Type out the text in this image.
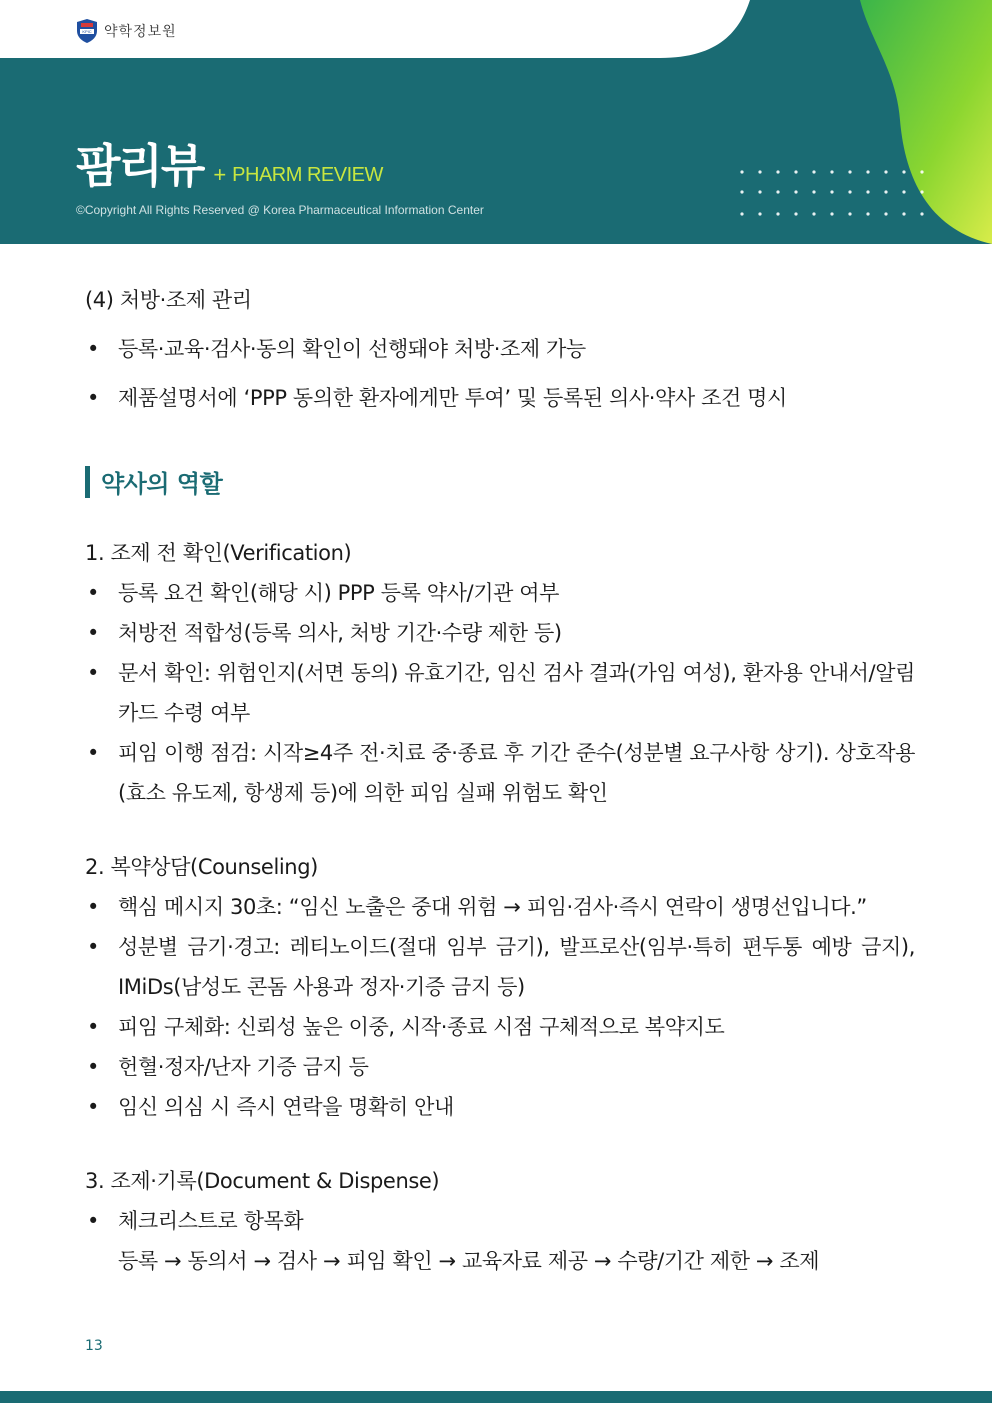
KPIC 약학정보원
팜리뷰 + PHARM REVIEW
©Copyright All Rights Reserved @ Korea Pharmaceutical Information Center
(4) 처방·조제 관리
• 등록·교육·검사·동의 확인이 선행돼야 처방·조제 가능
• 제품설명서에 ‘PPP 동의한 환자에게만 투여’ 및 등록된 의사·약사 조건 명시
약사의 역할
1. 조제 전 확인(Verification)
• 등록 요건 확인(해당 시) PPP 등록 약사/기관 여부
• 처방전 적합성(등록 의사, 처방 기간·수량 제한 등)
• 문서 확인: 위험인지(서면 동의) 유효기간, 임신 검사 결과(가임 여성), 환자용 안내서/알림 카드 수령 여부
• 피임 이행 점검: 시작≥4주 전·치료 중·종료 후 기간 준수(성분별 요구사항 상기). 상호작용(효소 유도제, 항생제 등)에 의한 피임 실패 위험도 확인
2. 복약상담(Counseling)
• 핵심 메시지 30초: “임신 노출은 중대 위험 → 피임·검사·즉시 연락이 생명선입니다.”
• 성분별 금기·경고: 레티노이드(절대 임부 금기), 발프로산(임부·특히 편두통 예방 금지), IMiDs(남성도 콘돔 사용과 정자·기증 금지 등)
• 피임 구체화: 신뢰성 높은 이중, 시작·종료 시점 구체적으로 복약지도
• 헌혈·정자/난자 기증 금지 등
• 임신 의심 시 즉시 연락을 명확히 안내
3. 조제·기록(Document & Dispense)
• 체크리스트로 항목화
등록 → 동의서 → 검사 → 피임 확인 → 교육자료 제공 → 수량/기간 제한 → 조제
13
